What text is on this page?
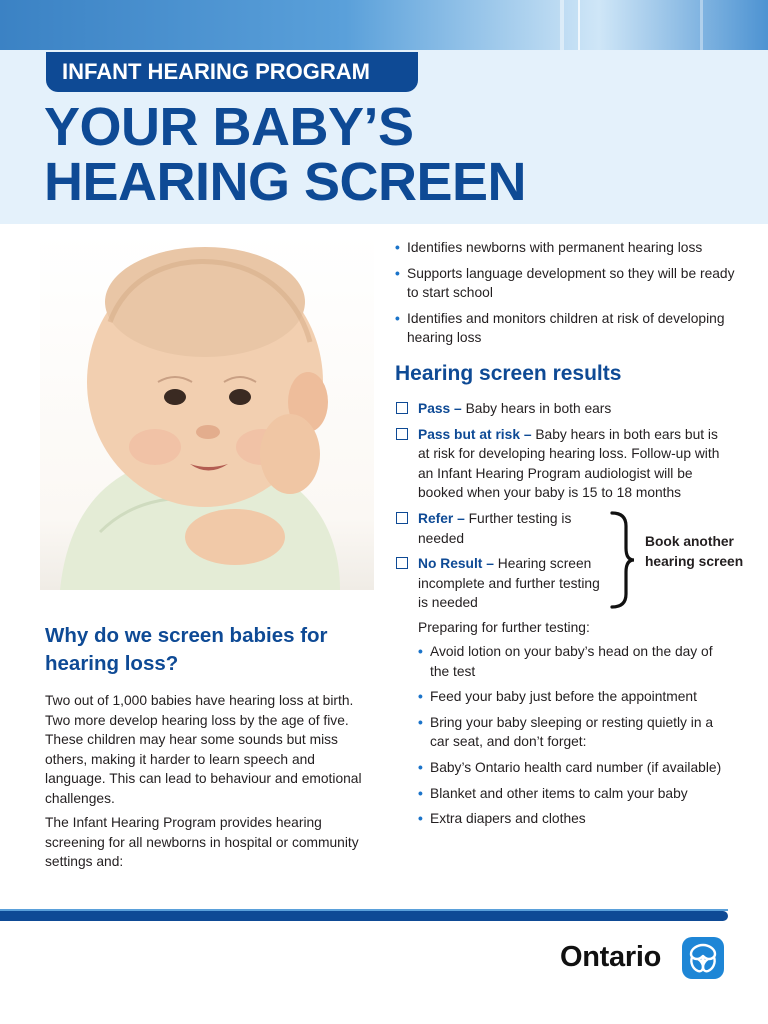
INFANT HEARING PROGRAM
YOUR BABY’S
HEARING SCREEN
Why do we screen babies for hearing loss?

Two out of 1,000 babies have hearing loss at birth. Two more develop hearing loss by the age of five. These children may hear some sounds but miss others, making it harder to learn speech and language. This can lead to behaviour and emotional challenges.

The Infant Hearing Program provides hearing screening for all newborns in hospital or community settings and:

• Identifies newborns with permanent hearing loss
• Supports language development so they will be ready to start school
• Identifies and monitors children at risk of developing hearing loss
Hearing screen results
Pass – Baby hears in both ears
Pass but at risk – Baby hears in both ears but is at risk for developing hearing loss. Follow-up with an Infant Hearing Program audiologist will be booked when your baby is 15 to 18 months
Refer – Further testing is needed
No Result – Hearing screen incomplete and further testing is needed
Book another hearing screen

Preparing for further testing:

• Avoid lotion on your baby’s head on the day of the test
• Feed your baby just before the appointment
• Bring your baby sleeping or resting quietly in a car seat, and don’t forget:
• Baby’s Ontario health card number (if available)
• Blanket and other items to calm your baby
• Extra diapers and clothes
Ontario
